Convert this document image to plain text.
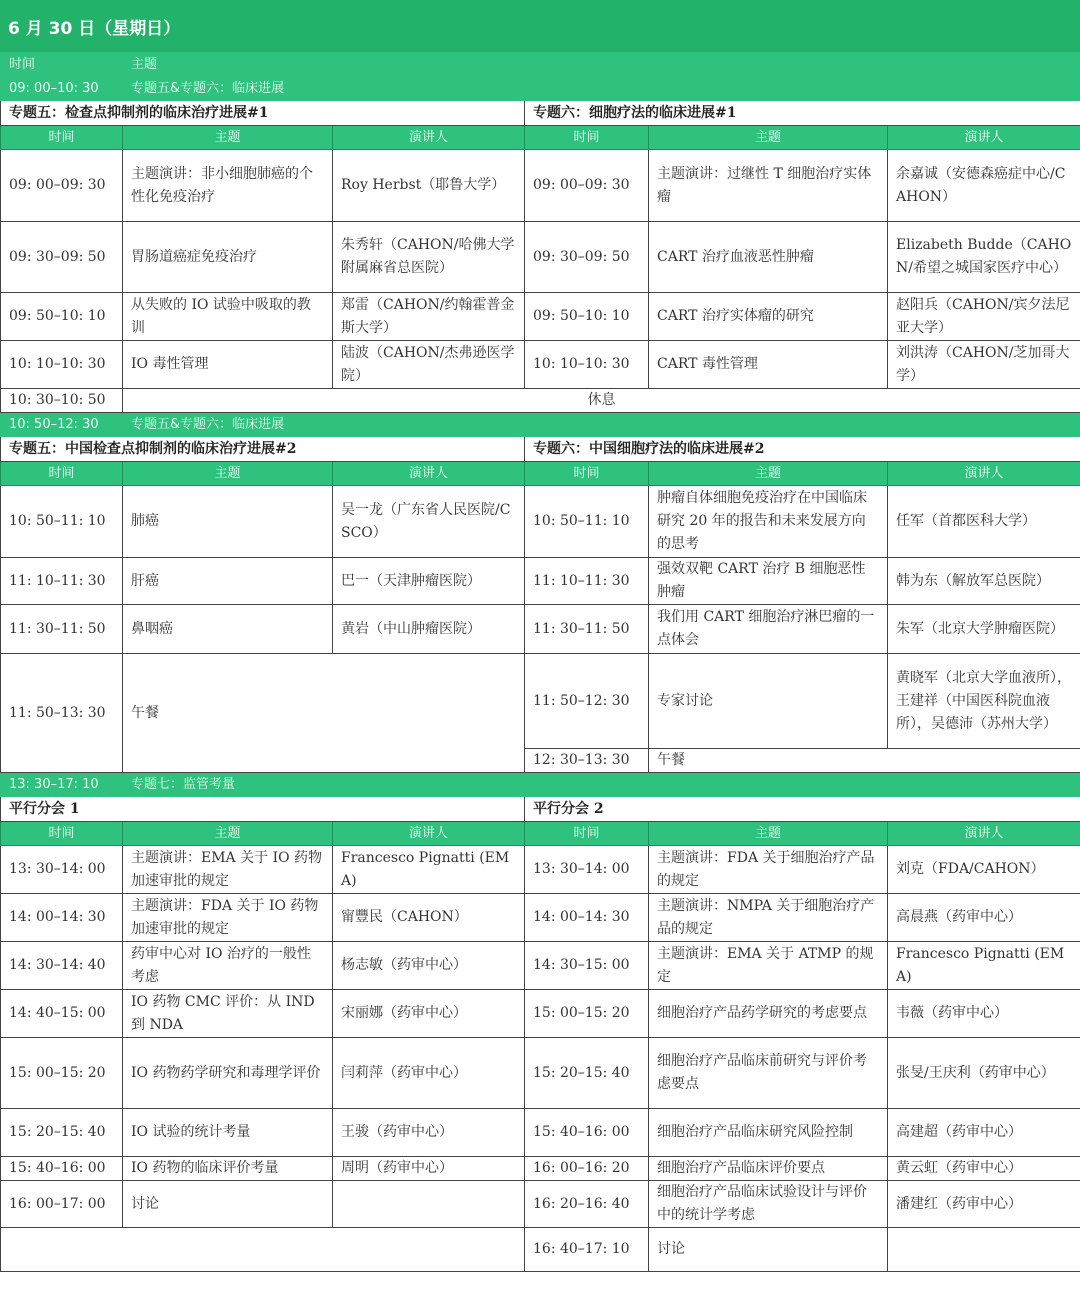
6 月 30 日（星期日）
时间	主题				
09: 00–10: 30	专题五&专题六：临床进展				
专题五：检查点抑制剂的临床治疗进展#1			专题六：细胞疗法的临床进展#1		
时间	主题	演讲人	时间	主题	演讲人
09: 00–09: 30	主题演讲：非小细胞肺癌的个性化免疫治疗	Roy Herbst（耶鲁大学）	09: 00–09: 30	主题演讲：过继性 T 细胞治疗实体瘤	余嘉诚（安德森癌症中心/CAHON）
09: 30–09: 50	胃肠道癌症免疫治疗	朱秀轩（CAHON/哈佛大学附属麻省总医院）	09: 30–09: 50	CART 治疗血液恶性肿瘤	Elizabeth Budde（CAHON/希望之城国家医疗中心）
09: 50–10: 10	从失败的 IO 试验中吸取的教训	郑雷（CAHON/约翰霍普金斯大学）	09: 50–10: 10	CART 治疗实体瘤的研究	赵阳兵（CAHON/宾夕法尼亚大学）
10: 10–10: 30	IO 毒性管理	陆波（CAHON/杰弗逊医学院）	10: 10–10: 30	CART 毒性管理	刘洪涛（CAHON/芝加哥大学）
10: 30–10: 50	休息				
10: 50–12: 30	专题五&专题六：临床进展				
专题五：中国检查点抑制剂的临床治疗进展#2			专题六：中国细胞疗法的临床进展#2		
时间	主题	演讲人	时间	主题	演讲人
10: 50–11: 10	肺癌	吴一龙（广东省人民医院/CSCO）	10: 50–11: 10	肿瘤自体细胞免疫治疗在中国临床研究 20 年的报告和未来发展方向的思考	任军（首都医科大学）
11: 10–11: 30	肝癌	巴一（天津肿瘤医院）	11: 10–11: 30	强效双靶 CART 治疗 B 细胞恶性肿瘤	韩为东（解放军总医院）
11: 30–11: 50	鼻咽癌	黄岩（中山肿瘤医院）	11: 30–11: 50	我们用 CART 细胞治疗淋巴瘤的一点体会	朱军（北京大学肿瘤医院）
11: 50–13: 30	午餐		11: 50–12: 30	专家讨论	黄晓军（北京大学血液所），王建祥（中国医科院血液所），吴德沛（苏州大学）
			12: 30–13: 30	午餐	
13: 30–17: 10	专题七：监管考量				
平行分会 1			平行分会 2		
时间	主题	演讲人	时间	主题	演讲人
13: 30–14: 00	主题演讲：EMA 关于 IO 药物加速审批的规定	Francesco Pignatti (EMA)	13: 30–14: 00	主题演讲：FDA 关于细胞治疗产品的规定	刘克（FDA/CAHON）
14: 00–14: 30	主题演讲：FDA 关于 IO 药物加速审批的规定	甯豐民（CAHON）	14: 00–14: 30	主题演讲：NMPA 关于细胞治疗产品的规定	高晨燕（药审中心）
14: 30–14: 40	药审中心对 IO 治疗的一般性考虑	杨志敏（药审中心）	14: 30–15: 00	主题演讲：EMA 关于 ATMP 的规定	Francesco Pignatti (EMA)
14: 40–15: 00	IO 药物 CMC 评价：从 IND 到 NDA	宋丽娜（药审中心）	15: 00–15: 20	细胞治疗产品药学研究的考虑要点	韦薇（药审中心）
15: 00–15: 20	IO 药物药学研究和毒理学评价	闫莉萍（药审中心）	15: 20–15: 40	细胞治疗产品临床前研究与评价考虑要点	张旻/王庆利（药审中心）
15: 20–15: 40	IO 试验的统计考量	王骏（药审中心）	15: 40–16: 00	细胞治疗产品临床研究风险控制	高建超（药审中心）
15: 40–16: 00	IO 药物的临床评价考量	周明（药审中心）	16: 00–16: 20	细胞治疗产品临床评价要点	黄云虹（药审中心）
16: 00–17: 00	讨论		16: 20–16: 40	细胞治疗产品临床试验设计与评价中的统计学考虑	潘建红（药审中心）
			16: 40–17: 10	讨论	
